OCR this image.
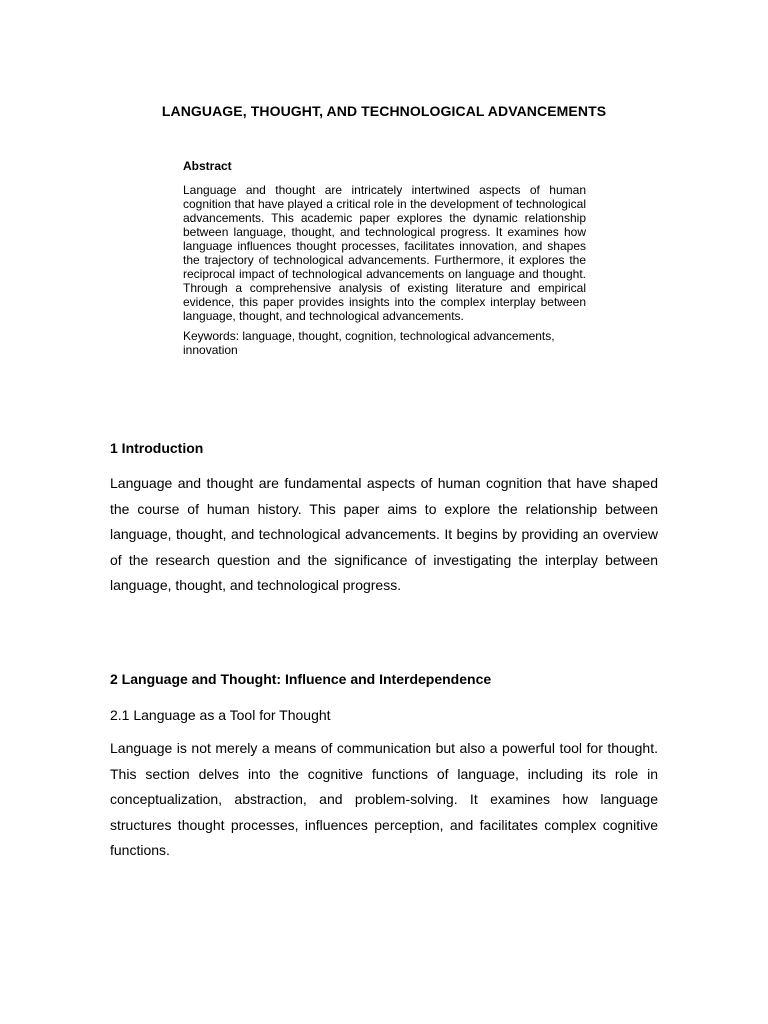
LANGUAGE, THOUGHT, AND TECHNOLOGICAL ADVANCEMENTS
Abstract

Language and thought are intricately intertwined aspects of human cognition that have played a critical role in the development of technological advancements. This academic paper explores the dynamic relationship between language, thought, and technological progress. It examines how language influences thought processes, facilitates innovation, and shapes the trajectory of technological advancements. Furthermore, it explores the reciprocal impact of technological advancements on language and thought. Through a comprehensive analysis of existing literature and empirical evidence, this paper provides insights into the complex interplay between language, thought, and technological advancements.

Keywords: language, thought, cognition, technological advancements, innovation

1 Introduction

Language and thought are fundamental aspects of human cognition that have shaped the course of human history. This paper aims to explore the relationship between language, thought, and technological advancements. It begins by providing an overview of the research question and the significance of investigating the interplay between language, thought, and technological progress.

2 Language and Thought: Influence and Interdependence
2.1 Language as a Tool for Thought

Language is not merely a means of communication but also a powerful tool for thought. This section delves into the cognitive functions of language, including its role in conceptualization, abstraction, and problem-solving. It examines how language structures thought processes, influences perception, and facilitates complex cognitive functions.
